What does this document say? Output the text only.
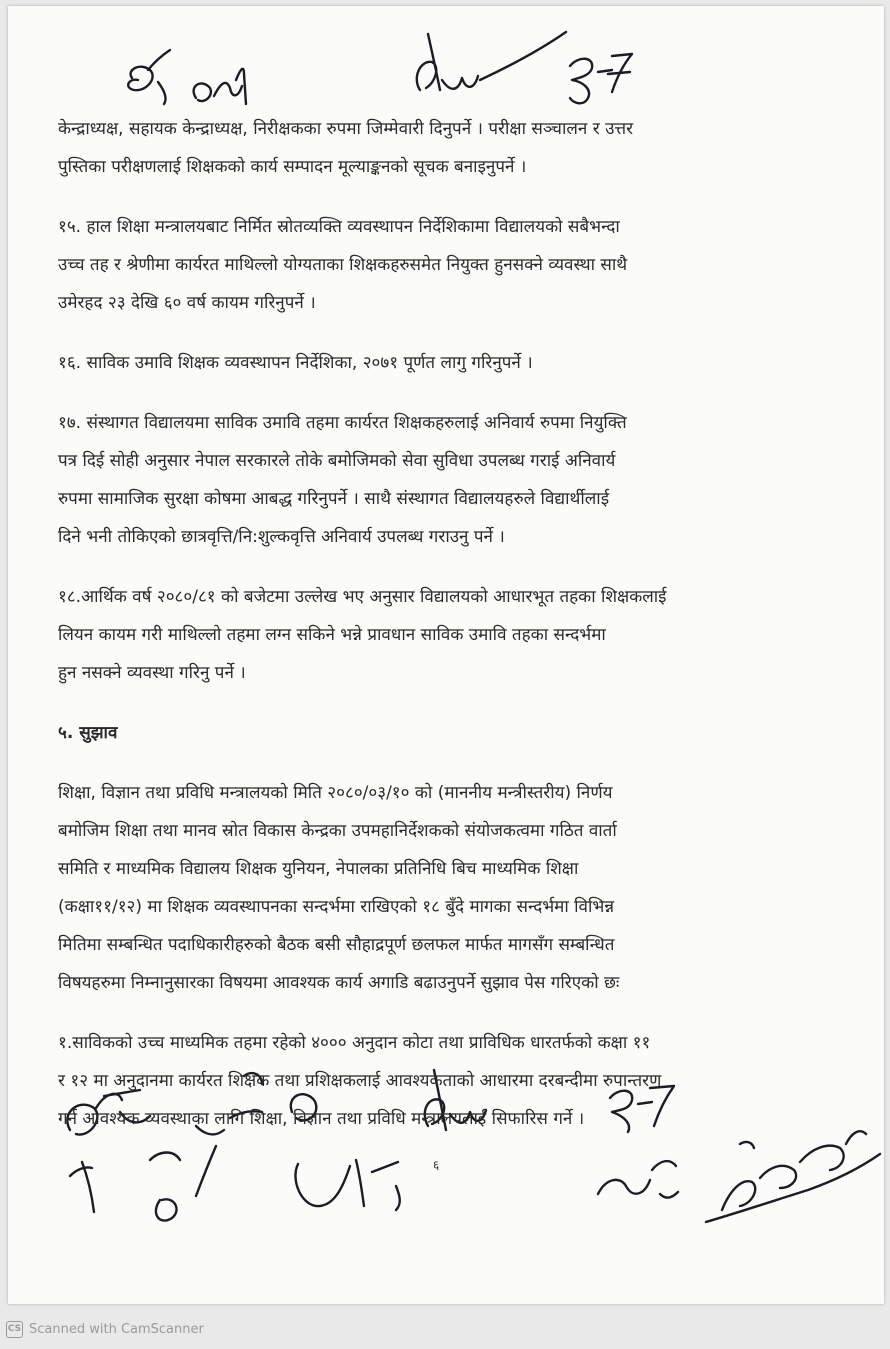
केन्द्राध्यक्ष, सहायक केन्द्राध्यक्ष, निरीक्षकका रुपमा जिम्मेवारी दिनुपर्ने । परीक्षा सञ्चालन र उत्तर
पुस्तिका परीक्षणलाई शिक्षकको कार्य सम्पादन मूल्याङ्कनको सूचक बनाइनुपर्ने ।
१५. हाल शिक्षा मन्त्रालयबाट निर्मित स्रोतव्यक्ति व्यवस्थापन निर्देशिकामा विद्यालयको सबैभन्दा
उच्च तह र श्रेणीमा कार्यरत माथिल्लो योग्यताका शिक्षकहरुसमेत नियुक्त हुनसक्ने व्यवस्था साथै
उमेरहद २३ देखि ६० वर्ष कायम गरिनुपर्ने ।
१६. साविक उमावि शिक्षक व्यवस्थापन निर्देशिका, २०७१ पूर्णत लागु गरिनुपर्ने ।
१७. संस्थागत विद्यालयमा साविक उमावि तहमा कार्यरत शिक्षकहरुलाई अनिवार्य रुपमा नियुक्ति
पत्र दिई सोही अनुसार नेपाल सरकारले तोके बमोजिमको सेवा सुविधा उपलब्ध गराई अनिवार्य
रुपमा सामाजिक सुरक्षा कोषमा आबद्ध गरिनुपर्ने । साथै संस्थागत विद्यालयहरुले विद्यार्थीलाई
दिने भनी तोकिएको छात्रवृत्ति/नि:शुल्कवृत्ति अनिवार्य उपलब्ध गराउनु पर्ने ।
१८.आर्थिक वर्ष २०८०/८१ को बजेटमा उल्लेख भए अनुसार विद्यालयको आधारभूत तहका शिक्षकलाई
लियन कायम गरी माथिल्लो तहमा लग्न सकिने भन्ने प्रावधान साविक उमावि तहका सन्दर्भमा
हुन नसक्ने व्यवस्था गरिनु पर्ने ।
५. सुझाव
शिक्षा, विज्ञान तथा प्रविधि मन्त्रालयको मिति २०८०/०३/१० को (माननीय मन्त्रीस्तरीय) निर्णय
बमोजिम शिक्षा तथा मानव स्रोत विकास केन्द्रका उपमहानिर्देशकको संयोजकत्वमा गठित वार्ता
समिति र माध्यमिक विद्यालय शिक्षक युनियन, नेपालका प्रतिनिधि बिच माध्यमिक शिक्षा
(कक्षा११/१२) मा शिक्षक व्यवस्थापनका सन्दर्भमा राखिएको १८ बुँदे मागका सन्दर्भमा विभिन्न
मितिमा सम्बन्धित पदाधिकारीहरुको बैठक बसी सौहाद्रपूर्ण छलफल मार्फत मागसँग सम्बन्धित
विषयहरुमा निम्नानुसारका विषयमा आवश्यक कार्य अगाडि बढाउनुपर्ने सुझाव पेस गरिएको छः
१.साविकको उच्च माध्यमिक तहमा रहेको ४००० अनुदान कोटा तथा प्राविधिक धारतर्फको कक्षा ११
र १२ मा अनुदानमा कार्यरत शिक्षक तथा प्रशिक्षकलाई आवश्यकताको आधारमा दरबन्दीमा रुपान्तरण
गर्न आवश्यक व्यवस्थाका लागि शिक्षा, विज्ञान तथा प्रविधि मन्त्रालयलाई सिफारिस गर्ने ।
६
CS Scanned with CamScanner
